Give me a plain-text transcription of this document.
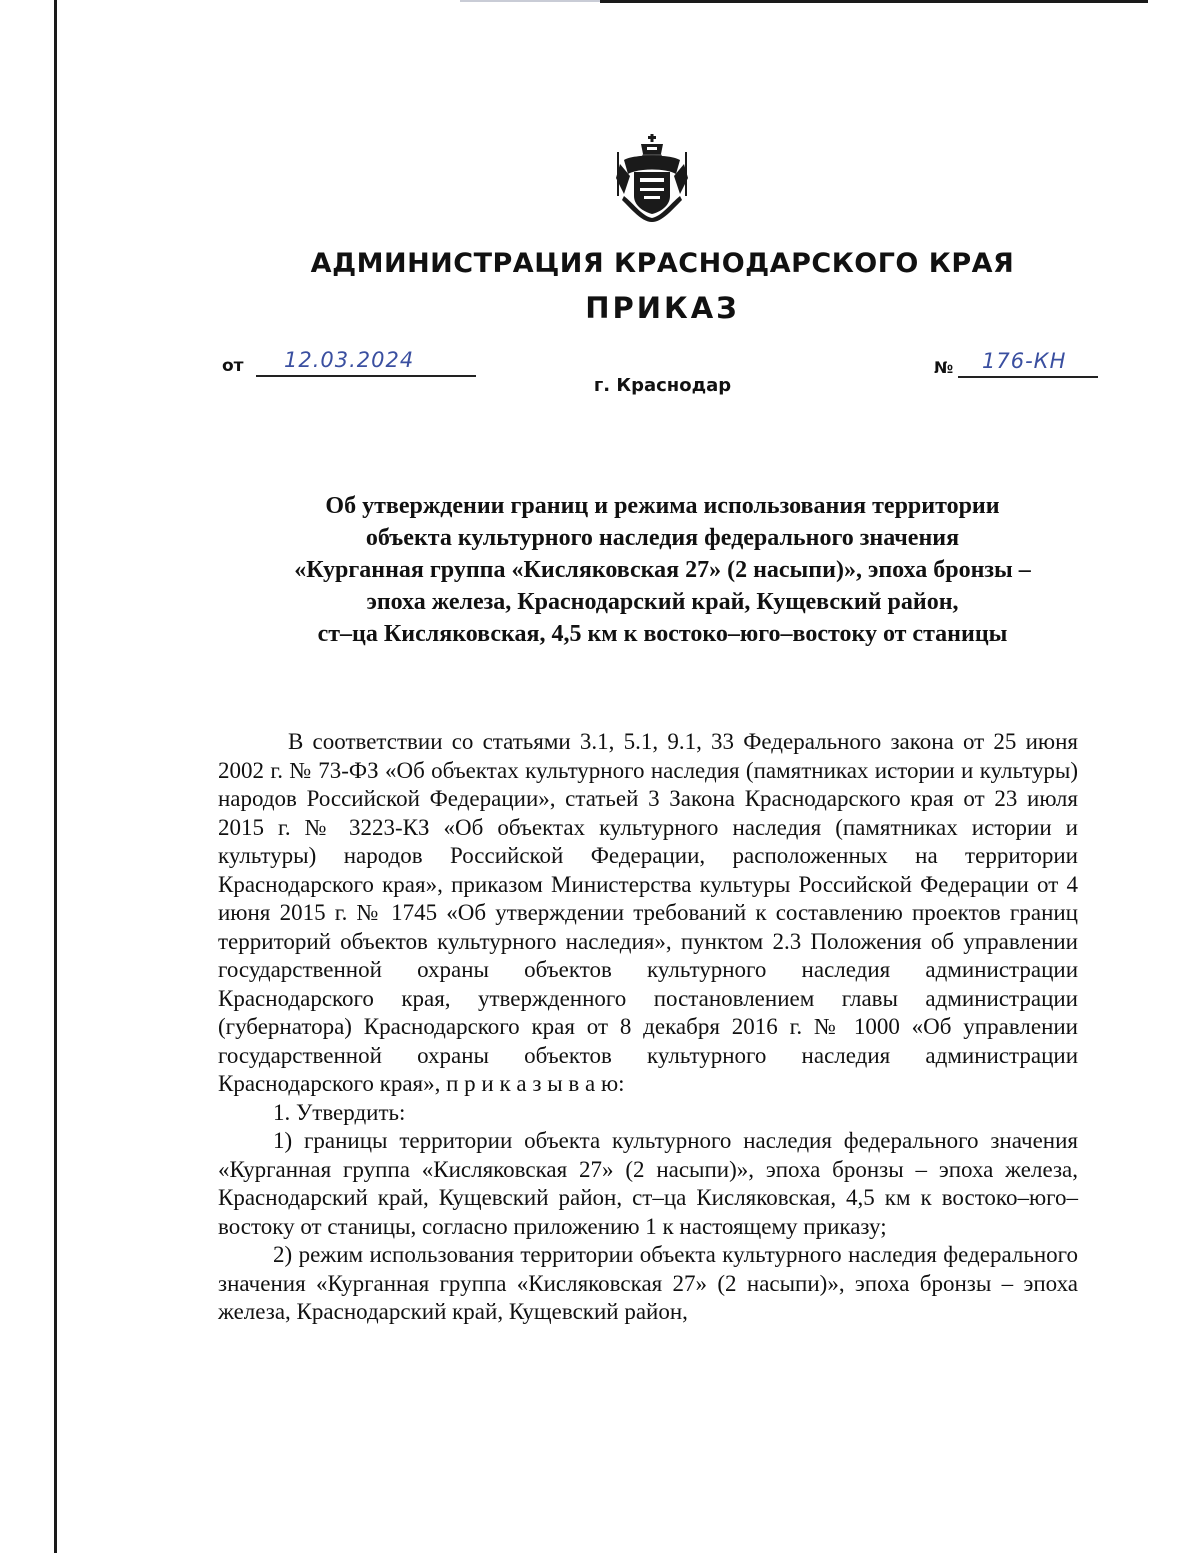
АДМИНИСТРАЦИЯ КРАСНОДАРСКОГО КРАЯ
ПРИКАЗ
от 12.03.2024
г. Краснодар
№ 176-КН
Об утверждении границ и режима использования территории
объекта культурного наследия федерального значения
«Курганная группа «Кисляковская 27» (2 насыпи)», эпоха бронзы –
эпоха железа, Краснодарский край, Кущевский район,
ст–ца Кисляковская, 4,5 км к востоко–юго–востоку от станицы

В соответствии со статьями 3.1, 5.1, 9.1, 33 Федерального закона от 25 июня 2002 г. № 73-ФЗ «Об объектах культурного наследия (памятниках истории и культуры) народов Российской Федерации», статьей 3 Закона Краснодарского края от 23 июля 2015 г. № 3223-КЗ «Об объектах культурного наследия (памятниках истории и культуры) народов Российской Федерации, расположенных на территории Краснодарского края», приказом Министерства культуры Российской Федерации от 4 июня 2015 г. № 1745 «Об утверждении требований к составлению проектов границ территорий объектов культурного наследия», пунктом 2.3 Положения об управлении государственной охраны объектов культурного наследия администрации Краснодарского края, утвержденного постановлением главы администрации (губернатора) Краснодарского края от 8 декабря 2016 г. № 1000 «Об управлении государственной охраны объектов культурного наследия администрации Краснодарского края», п р и к а з ы в а ю:

1. Утвердить:

1) границы территории объекта культурного наследия федерального значения «Курганная группа «Кисляковская 27» (2 насыпи)», эпоха бронзы – эпоха железа, Краснодарский край, Кущевский район, ст–ца Кисляковская, 4,5 км к востоко–юго–востоку от станицы, согласно приложению 1 к настоящему приказу;

2) режим использования территории объекта культурного наследия федерального значения «Курганная группа «Кисляковская 27» (2 насыпи)», эпоха бронзы – эпоха железа, Краснодарский край, Кущевский район,
